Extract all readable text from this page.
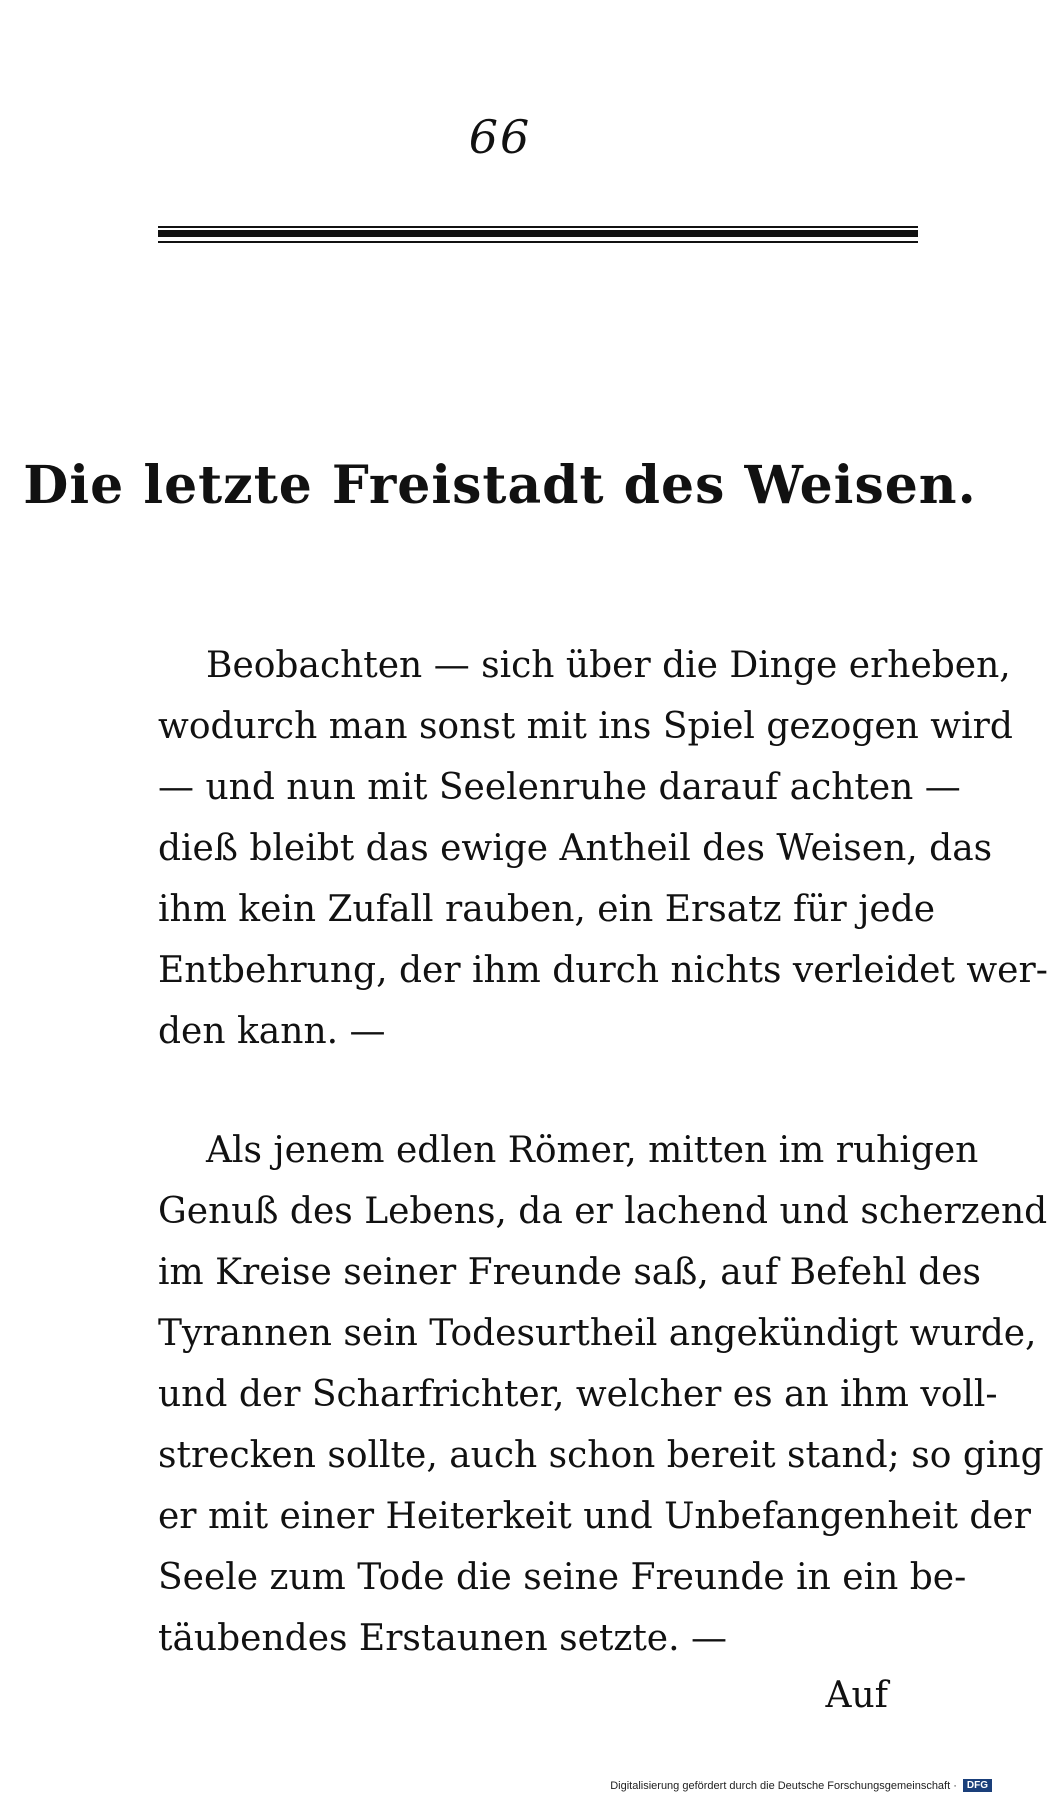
66
Die letzte Freistadt des Weisen.
Beobachten — sich über die Dinge erheben,
wodurch man sonst mit ins Spiel gezogen wird
— und nun mit Seelenruhe darauf achten —
dieß bleibt das ewige Antheil des Weisen, das
ihm kein Zufall rauben, ein Ersatz für jede
Entbehrung, der ihm durch nichts verleidet wer-
den kann. —
Als jenem edlen Römer, mitten im ruhigen
Genuß des Lebens, da er lachend und scherzend
im Kreise seiner Freunde saß, auf Befehl des
Tyrannen sein Todesurtheil angekündigt wurde,
und der Scharfrichter, welcher es an ihm voll-
strecken sollte, auch schon bereit stand; so ging
er mit einer Heiterkeit und Unbefangenheit der
Seele zum Tode die seine Freunde in ein be-
täubendes Erstaunen setzte. —
Auf
Digitalisierung gefördert durch die Deutsche Forschungsgemeinschaft ·	DFG
